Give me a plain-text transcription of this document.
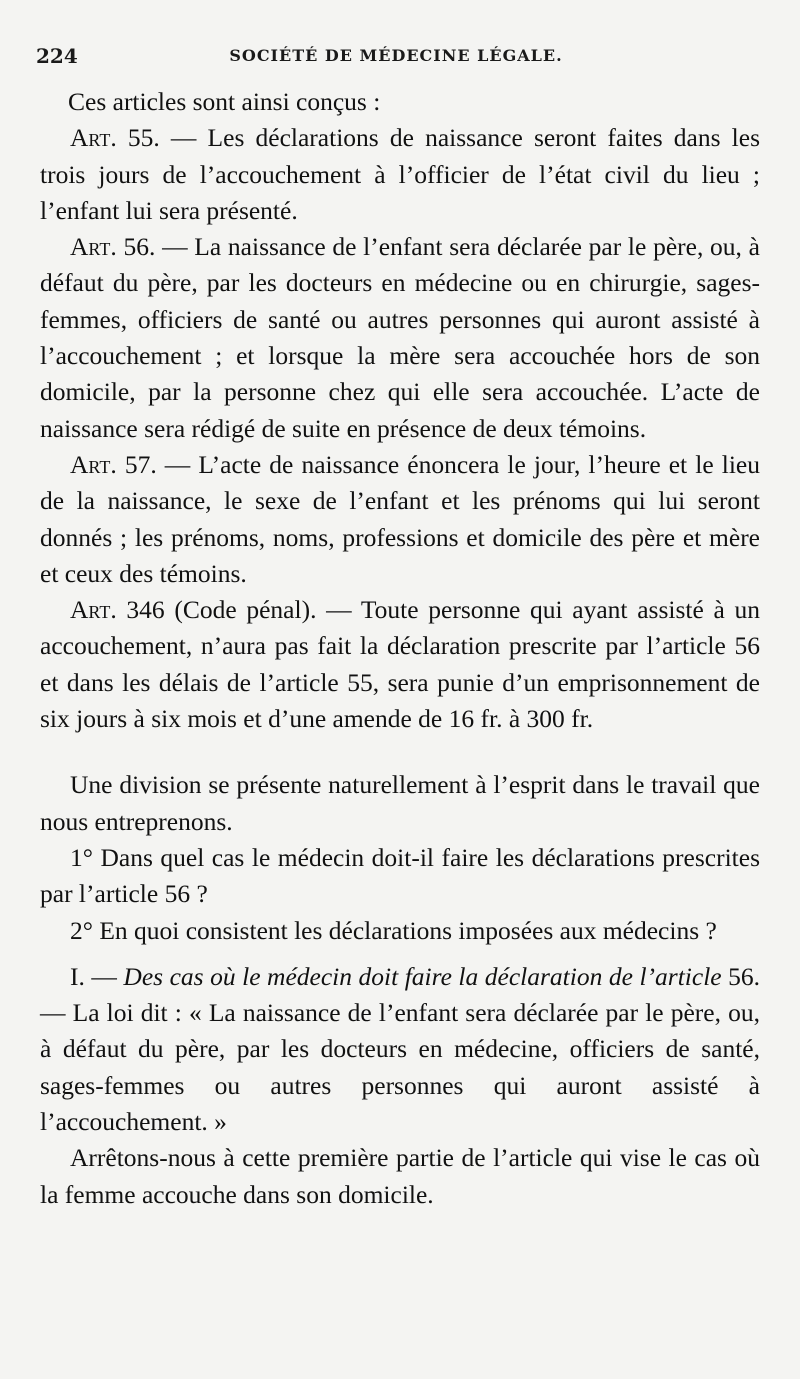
224	SOCIÉTÉ DE MÉDECINE LÉGALE.

Ces articles sont ainsi conçus :

Art. 55. — Les déclarations de naissance seront faites dans les trois jours de l’accouchement à l’officier de l’état civil du lieu ; l’enfant lui sera présenté.

Art. 56. — La naissance de l’enfant sera déclarée par le père, ou, à défaut du père, par les docteurs en médecine ou en chirurgie, sages-femmes, officiers de santé ou autres personnes qui auront assisté à l’accouchement ; et lorsque la mère sera accouchée hors de son domicile, par la personne chez qui elle sera accouchée. L’acte de naissance sera rédigé de suite en présence de deux témoins.

Art. 57. — L’acte de naissance énoncera le jour, l’heure et le lieu de la naissance, le sexe de l’enfant et les prénoms qui lui seront donnés ; les prénoms, noms, professions et domicile des père et mère et ceux des témoins.

Art. 346 (Code pénal). — Toute personne qui ayant assisté à un accouchement, n’aura pas fait la déclaration prescrite par l’article 56 et dans les délais de l’article 55, sera punie d’un emprisonnement de six jours à six mois et d’une amende de 16 fr. à 300 fr.

Une division se présente naturellement à l’esprit dans le travail que nous entreprenons.

1° Dans quel cas le médecin doit-il faire les déclarations prescrites par l’article 56 ?

2° En quoi consistent les déclarations imposées aux médecins ?

I. — Des cas où le médecin doit faire la déclaration de l’article 56. — La loi dit : « La naissance de l’enfant sera déclarée par le père, ou, à défaut du père, par les docteurs en médecine, officiers de santé, sages-femmes ou autres personnes qui auront assisté à l’accouchement. »

Arrêtons-nous à cette première partie de l’article qui vise le cas où la femme accouche dans son domicile.
